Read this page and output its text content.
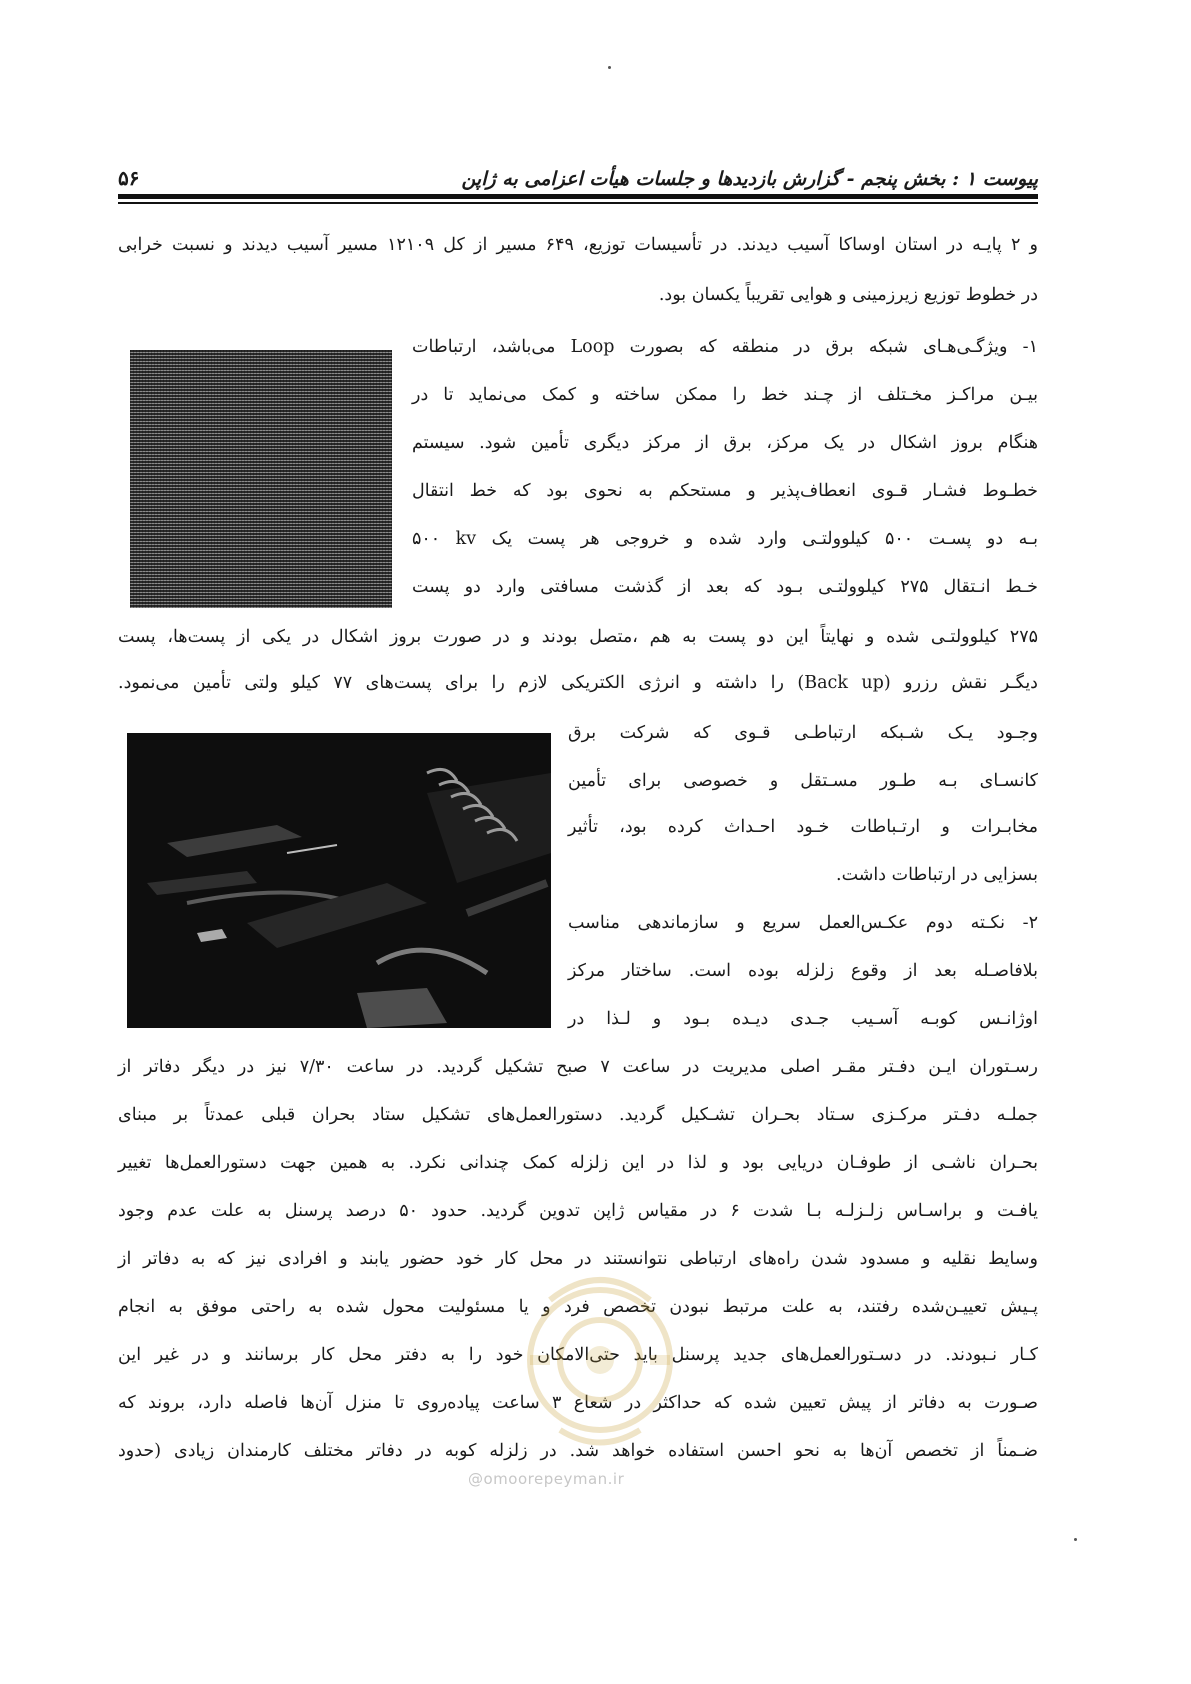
پیوست ۱ : بخش پنجم - گزارش بازدیدها و جلسات هیأت اعزامی به ژاپن
۵۶
و ۲ پایـه در استان اوساکا آسیب دیدند. در تأسیسات توزیع، ۶۴۹ مسیر از کل ۱۲۱۰۹ مسیر آسیب دیدند و نسبت خرابی
در خطوط توزیع زیرزمینی و هوایی تقریباً یکسان بود.
۱- ویژگـی‌هـای شبکه برق در منطقه که بصورت Loop می‌باشد، ارتباطات
بیـن مراکـز مخـتلف از چـند خط را ممکن ساخته و کمک می‌نماید تا در
هنگام بروز اشکال در یک مرکز، برق از مرکز دیگری تأمین شود. سیستم
خطـوط فشـار قـوی انعطاف‌پذیر و مستحکم به نحوی بود که خط انتقال
۵۰۰ kv بـه دو پسـت ۵۰۰ کیلوولتـی وارد شده و خروجی هر پست یک
خـط انـتقال ۲۷۵ کیلوولتـی بـود که بعد از گذشت مسافتی وارد دو پست
۲۷۵ کیلوولتـی شده و نهایتاً این دو پست به هم ،متصل بودند و در صورت بروز اشکال در یکی از پست‌ها، پست
دیگـر نقش رزرو (Back up) را داشته و انرژی الکتریکی لازم را برای پست‌های ۷۷ کیلو ولتی تأمین می‌نمود.
وجـود یـک شـبکه ارتباطـی قـوی که شرکت برق
کانسـای بـه طـور مسـتقل و خصوصی برای تأمین
مخابـرات و ارتـباطات خـود احـداث کرده بود، تأثیر
بسزایی در ارتباطات داشت.
۲- نکـته دوم عکـس‌العمل سریع و سازماندهی مناسب
بلافاصـله بعد از وقوع زلزله بوده است. ساختار مرکز
اوژانـس کوبـه آسـیب جـدی دیـده بـود و لـذا در
رسـتوران ایـن دفـتر مقـر اصلی مدیریت در ساعت ۷ صبح تشکیل گردید. در ساعت ۷/۳۰ نیز در دیگر دفاتر از
جملـه دفـتر مرکـزی سـتاد بحـران تشـکیل گردید. دستورالعمل‌های تشکیل ستاد بحران قبلی عمدتاً بر مبنای
بحـران ناشـی از طوفـان دریایی بود و لذا در این زلزله کمک چندانی نکرد. به همین جهت دستورالعمل‌ها تغییر
یافـت و براسـاس زلـزلـه بـا شدت ۶ در مقیاس ژاپن تدوین گردید. حدود ۵۰ درصد پرسنل به علت عدم وجود
وسایط نقلیه و مسدود شدن راه‌های ارتباطی نتوانستند در محل کار خود حضور یابند و افرادی نیز که به دفاتر از
پـیش تعییـن‌شده رفتند، به علت مرتبط نبودن تخصص فرد و یا مسئولیت محول شده به راحتی موفق به انجام
کـار نـبودند. در دسـتورالعمل‌های جدید پرسنل باید حتی‌الامکان خود را به دفتر محل کار برسانند و در غیر این
صـورت به دفاتر از پیش تعیین شده که حداکثر در شعاع ۳ ساعت پیاده‌روی تا منزل آن‌ها فاصله دارد، بروند که
ضـمناً از تخصص آن‌ها به نحو احسن استفاده خواهد شد. در زلزله کوبه در دفاتر مختلف کارمندان زیادی (حدود
@omoorepeyman.ir
